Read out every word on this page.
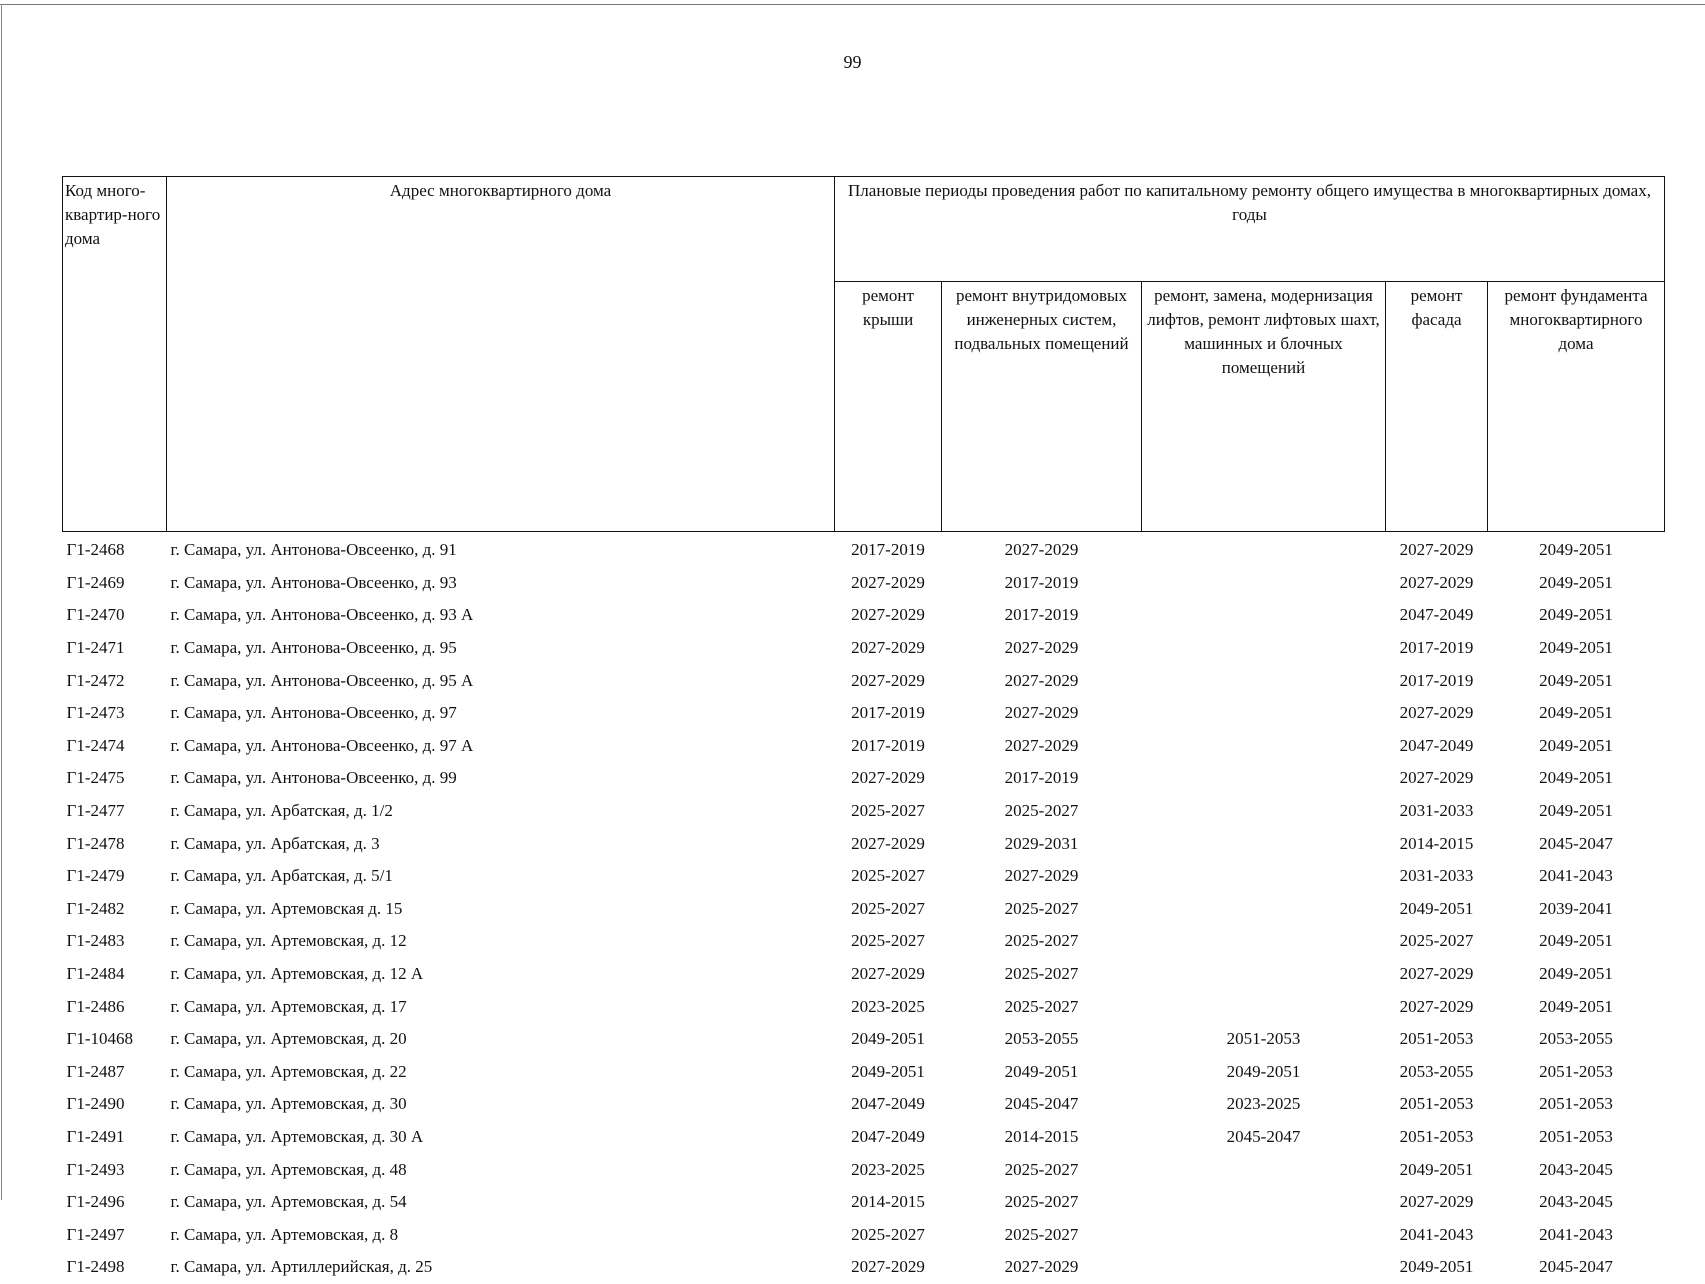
99
Код много-квартир-ного дома	Адрес многоквартирного дома	Плановые периоды проведения работ по капитальному ремонту общего имущества в многоквартирных домах, годы				
		ремонт крыши	ремонт внутридомовых инженерных систем, подвальных помещений	ремонт, замена, модернизация лифтов, ремонт лифтовых шахт, машинных и блочных помещений	ремонт фасада	ремонт фундамента многоквартирного дома
Г1-2468	г. Самара, ул. Антонова-Овсеенко, д. 91	2017-2019	2027-2029		2027-2029	2049-2051
Г1-2469	г. Самара, ул. Антонова-Овсеенко, д. 93	2027-2029	2017-2019		2027-2029	2049-2051
Г1-2470	г. Самара, ул. Антонова-Овсеенко, д. 93 А	2027-2029	2017-2019		2047-2049	2049-2051
Г1-2471	г. Самара, ул. Антонова-Овсеенко, д. 95	2027-2029	2027-2029		2017-2019	2049-2051
Г1-2472	г. Самара, ул. Антонова-Овсеенко, д. 95 А	2027-2029	2027-2029		2017-2019	2049-2051
Г1-2473	г. Самара, ул. Антонова-Овсеенко, д. 97	2017-2019	2027-2029		2027-2029	2049-2051
Г1-2474	г. Самара, ул. Антонова-Овсеенко, д. 97 А	2017-2019	2027-2029		2047-2049	2049-2051
Г1-2475	г. Самара, ул. Антонова-Овсеенко, д. 99	2027-2029	2017-2019		2027-2029	2049-2051
Г1-2477	г. Самара, ул. Арбатская, д. 1/2	2025-2027	2025-2027		2031-2033	2049-2051
Г1-2478	г. Самара, ул. Арбатская, д. 3	2027-2029	2029-2031		2014-2015	2045-2047
Г1-2479	г. Самара, ул. Арбатская, д. 5/1	2025-2027	2027-2029		2031-2033	2041-2043
Г1-2482	г. Самара, ул. Артемовская д. 15	2025-2027	2025-2027		2049-2051	2039-2041
Г1-2483	г. Самара, ул. Артемовская, д. 12	2025-2027	2025-2027		2025-2027	2049-2051
Г1-2484	г. Самара, ул. Артемовская, д. 12 А	2027-2029	2025-2027		2027-2029	2049-2051
Г1-2486	г. Самара, ул. Артемовская, д. 17	2023-2025	2025-2027		2027-2029	2049-2051
Г1-10468	г. Самара, ул. Артемовская, д. 20	2049-2051	2053-2055	2051-2053	2051-2053	2053-2055
Г1-2487	г. Самара, ул. Артемовская, д. 22	2049-2051	2049-2051	2049-2051	2053-2055	2051-2053
Г1-2490	г. Самара, ул. Артемовская, д. 30	2047-2049	2045-2047	2023-2025	2051-2053	2051-2053
Г1-2491	г. Самара, ул. Артемовская, д. 30 А	2047-2049	2014-2015	2045-2047	2051-2053	2051-2053
Г1-2493	г. Самара, ул. Артемовская, д. 48	2023-2025	2025-2027		2049-2051	2043-2045
Г1-2496	г. Самара, ул. Артемовская, д. 54	2014-2015	2025-2027		2027-2029	2043-2045
Г1-2497	г. Самара, ул. Артемовская, д. 8	2025-2027	2025-2027		2041-2043	2041-2043
Г1-2498	г. Самара, ул. Артиллерийская, д. 25	2027-2029	2027-2029		2049-2051	2045-2047
